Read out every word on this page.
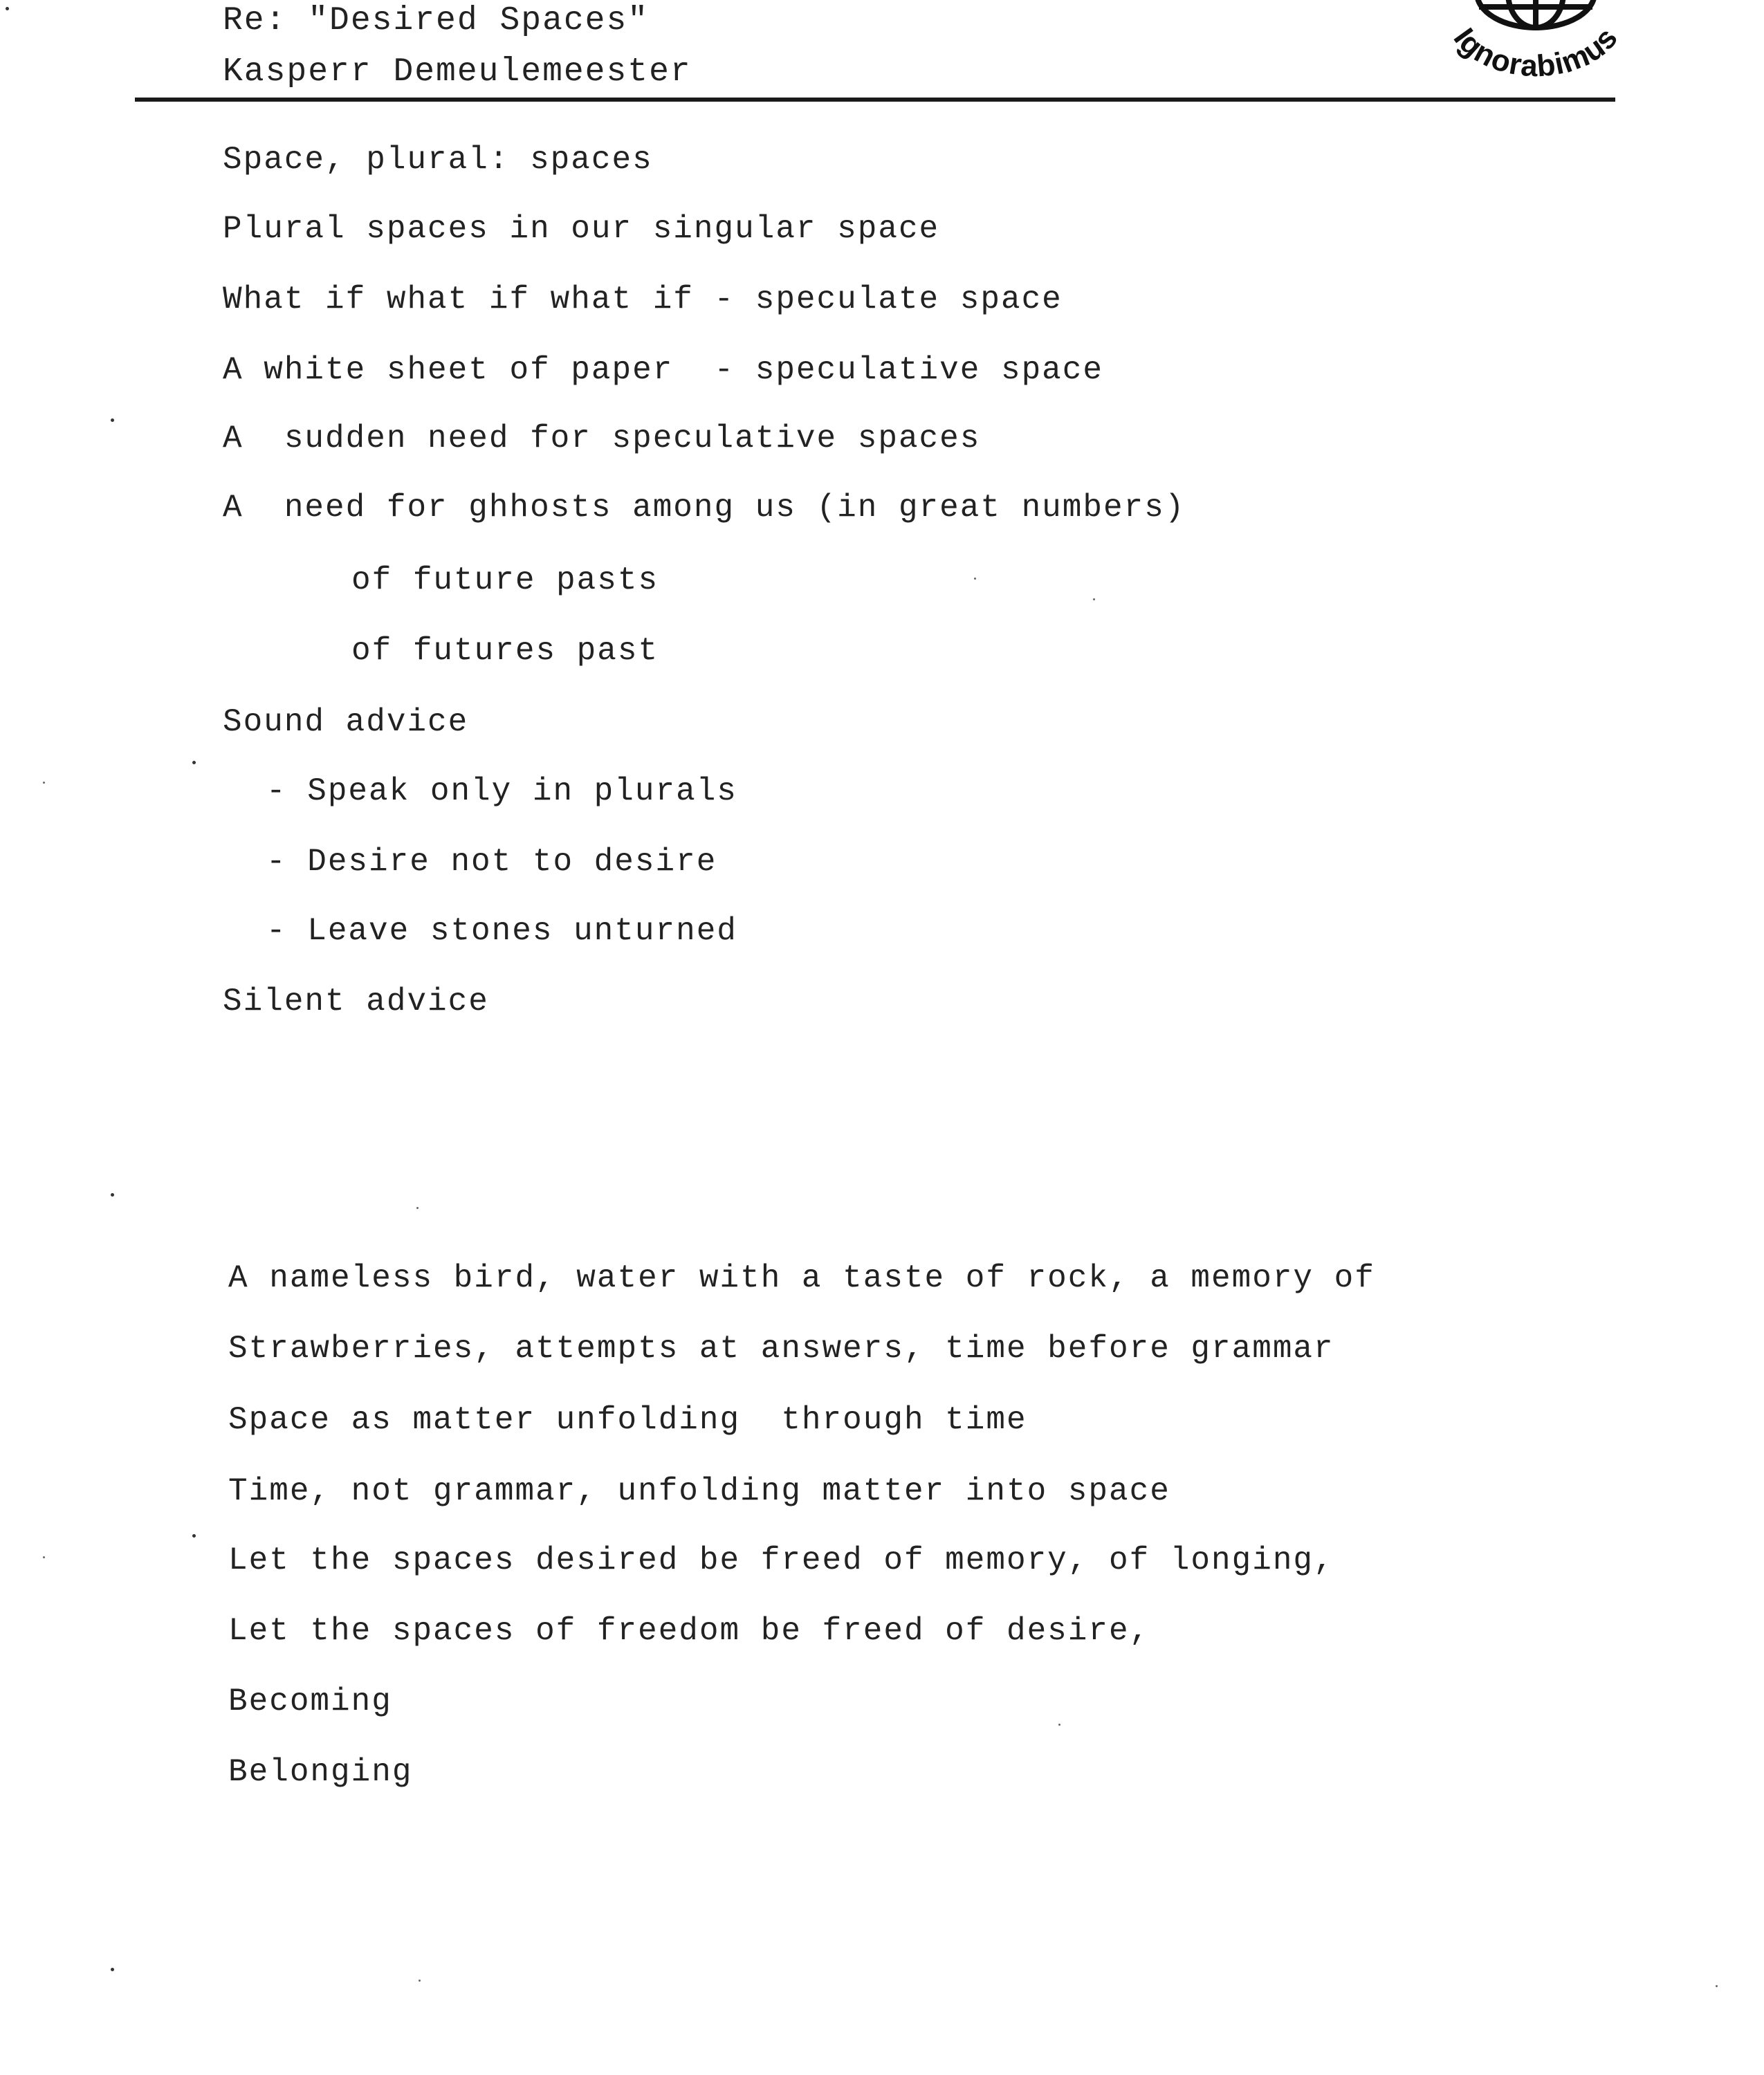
Re: "Desired Spaces"
Kasperr Demeulemeester
Ignorabimus
Space, plural: spaces
Plural spaces in our singular space
What if what if what if - speculate space
A white sheet of paper  - speculative space
A  sudden need for speculative spaces
A  need for ghhosts among us (in great numbers)
of future pasts
of futures past
Sound advice
- Speak only in plurals
- Desire not to desire
- Leave stones unturned
Silent advice
A nameless bird, water with a taste of rock, a memory of
Strawberries, attempts at answers, time before grammar
Space as matter unfolding  through time
Time, not grammar, unfolding matter into space
Let the spaces desired be freed of memory, of longing,
Let the spaces of freedom be freed of desire,
Becoming
Belonging
